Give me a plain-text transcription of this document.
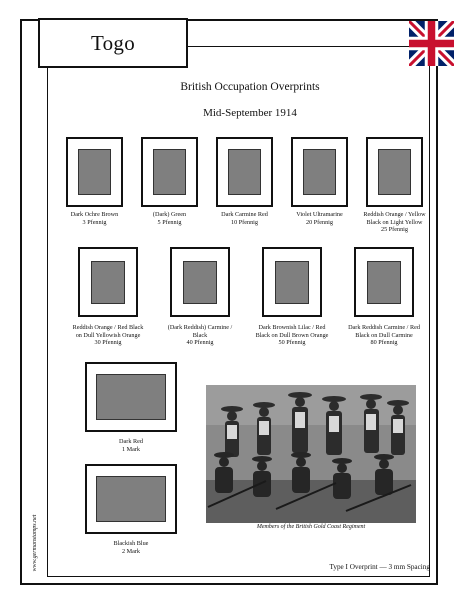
Togo
British Occupation Overprints
Mid-September 1914
Dark Ochre Brown
3 Pfennig
(Dark) Green
5 Pfennig
Dark Carmine Red
10 Pfennig
Violet Ultramarine
20 Pfennig
Reddish Orange / Yellow
Black on Light Yellow
25 Pfennig
Reddish Orange / Red Black
on Dull Yellowish Orange
30 Pfennig
(Dark Reddish) Carmine /
Black
40 Pfennig
Dark Brownish Lilac / Red
Black on Dull Brown Orange
50 Pfennig
Dark Reddish Carmine / Red
Black on Dull Carmine
80 Pfennig
Dark Red
1 Mark
Blackish Blue
2 Mark
Members of the British Gold Coast Regiment
Type I Overprint — 3 mm Spacing
www.germanstamps.net
